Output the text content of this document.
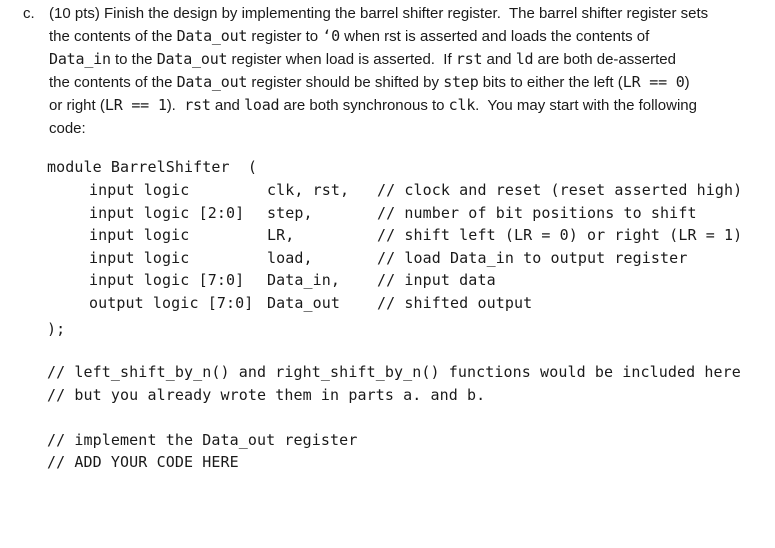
c. (10 pts) Finish the design by implementing the barrel shifter register.  The barrel shifter register sets
the contents of the Data_out register to ‘0 when rst is asserted and loads the contents of
Data_in to the Data_out register when load is asserted.  If rst and ld are both de-asserted
the contents of the Data_out register should be shifted by step bits to either the left (LR == 0)
or right (LR == 1).  rst and load are both synchronous to clk.  You may start with the following
code:
module BarrelShifter  (
input logic	clk, rst, // clock and reset (reset asserted high)
input logic [2:0] step,	// number of bit positions to shift
input logic	LR,	// shift left (LR = 0) or right (LR = 1)
input logic	load,	// load Data_in to output register
input logic [7:0] Data_in, // input data
output logic [7:0] Data_out // shifted output
);
// left_shift_by_n() and right_shift_by_n() functions would be included here
// but you already wrote them in parts a. and b.
// implement the Data_out register
// ADD YOUR CODE HERE
